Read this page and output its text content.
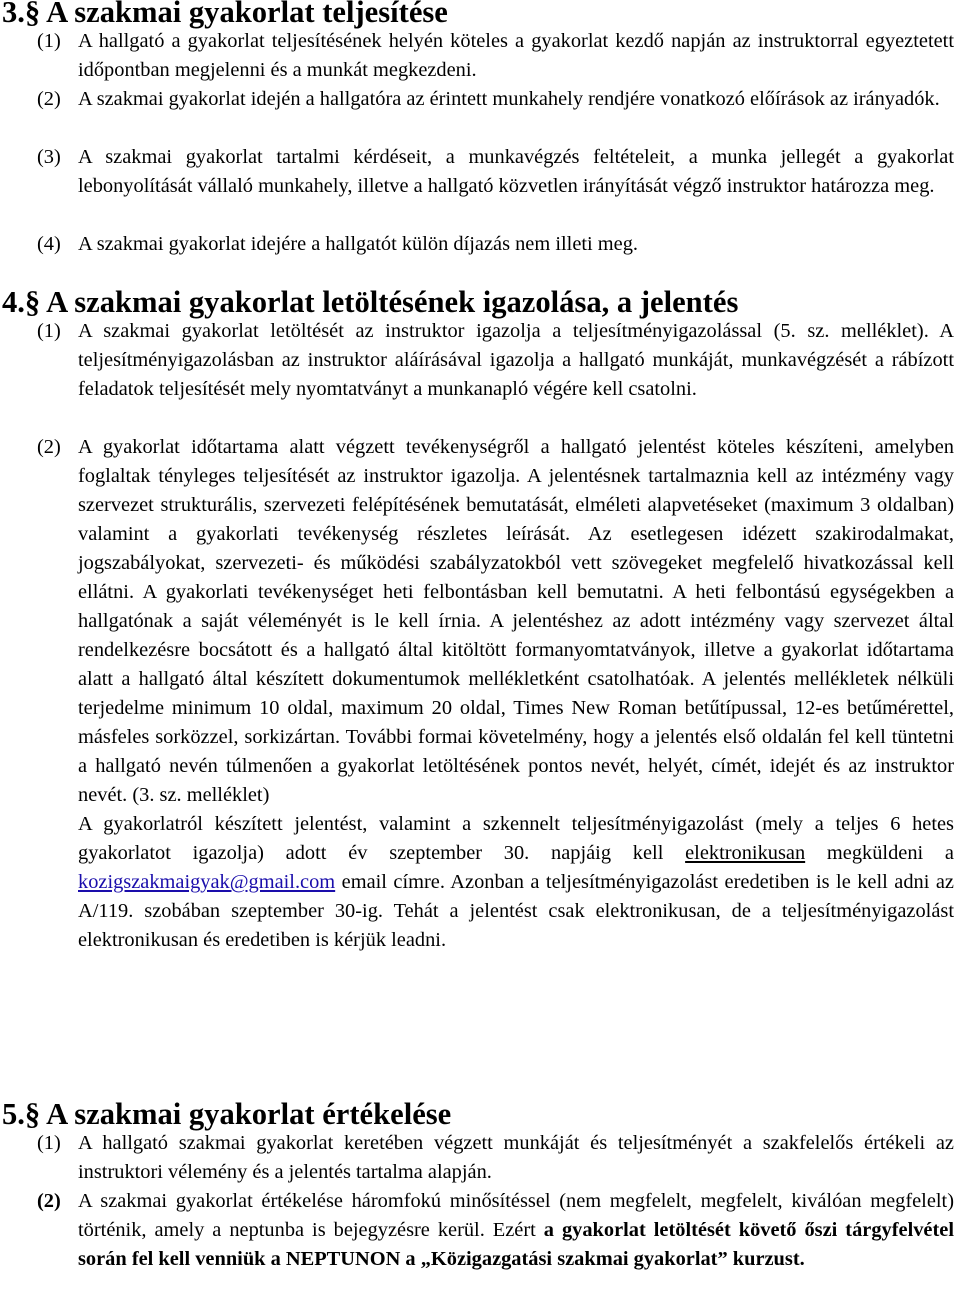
3.§ A szakmai gyakorlat teljesítése
(1) A hallgató a gyakorlat teljesítésének helyén köteles a gyakorlat kezdő napján az instruktorral egyeztetett időpontban megjelenni és a munkát megkezdeni.
(2) A szakmai gyakorlat idején a hallgatóra az érintett munkahely rendjére vonatkozó előírások az irányadók.
(3) A szakmai gyakorlat tartalmi kérdéseit, a munkavégzés feltételeit, a munka jellegét a gyakorlat lebonyolítását vállaló munkahely, illetve a hallgató közvetlen irányítását végző instruktor határozza meg.
(4) A szakmai gyakorlat idejére a hallgatót külön díjazás nem illeti meg.
4.§ A szakmai gyakorlat letöltésének igazolása, a jelentés
(1) A szakmai gyakorlat letöltését az instruktor igazolja a teljesítményigazolással (5. sz. melléklet). A teljesítményigazolásban az instruktor aláírásával igazolja a hallgató munkáját, munkavégzését a rábízott feladatok teljesítését mely nyomtatványt a munkanapló végére kell csatolni.
(2) A gyakorlat időtartama alatt végzett tevékenységről a hallgató jelentést köteles készíteni, amelyben foglaltak tényleges teljesítését az instruktor igazolja. A jelentésnek tartalmaznia kell az intézmény vagy szervezet strukturális, szervezeti felépítésének bemutatását, elméleti alapvetéseket (maximum 3 oldalban) valamint a gyakorlati tevékenység részletes leírását. Az esetlegesen idézett szakirodalmakat, jogszabályokat, szervezeti- és működési szabályzatokból vett szövegeket megfelelő hivatkozással kell ellátni. A gyakorlati tevékenységet heti felbontásban kell bemutatni. A heti felbontású egységekben a hallgatónak a saját véleményét is le kell írnia. A jelentéshez az adott intézmény vagy szervezet által rendelkezésre bocsátott és a hallgató által kitöltött formanyomtatványok, illetve a gyakorlat időtartama alatt a hallgató által készített dokumentumok mellékletként csatolhatóak. A jelentés mellékletek nélküli terjedelme minimum 10 oldal, maximum 20 oldal, Times New Roman betűtípussal, 12-es betűmérettel, másfeles sorközzel, sorkizártan. További formai követelmény, hogy a jelentés első oldalán fel kell tüntetni a hallgató nevén túlmenően a gyakorlat letöltésének pontos nevét, helyét, címét, idejét és az instruktor nevét. (3. sz. melléklet)
A gyakorlatról készített jelentést, valamint a szkennelt teljesítményigazolást (mely a teljes 6 hetes gyakorlatot igazolja) adott év szeptember 30. napjáig kell elektronikusan megküldeni a kozigszakmaigyak@gmail.com email címre. Azonban a teljesítményigazolást eredetiben is le kell adni az A/119. szobában szeptember 30-ig. Tehát a jelentést csak elektronikusan, de a teljesítményigazolást elektronikusan és eredetiben is kérjük leadni.
5.§ A szakmai gyakorlat értékelése
(1) A hallgató szakmai gyakorlat keretében végzett munkáját és teljesítményét a szakfelelős értékeli az instruktori vélemény és a jelentés tartalma alapján.
(2) A szakmai gyakorlat értékelése háromfokú minősítéssel (nem megfelelt, megfelelt, kiválóan megfelelt) történik, amely a neptunba is bejegyzésre kerül. Ezért a gyakorlat letöltését követő őszi tárgyfelvétel során fel kell venniük a NEPTUNON a „Közigazgatási szakmai gyakorlat” kurzust.
